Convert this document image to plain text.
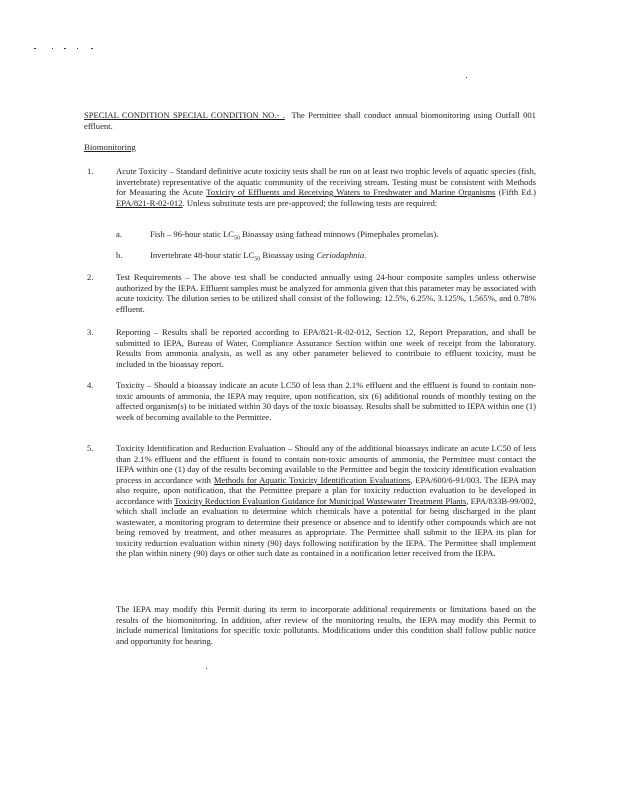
SPECIAL CONDITION SPECIAL CONDITION NO.- . The Permittee shall conduct annual biomonitoring using Outfall 001 effluent.

Biomonitoring

1.	Acute Toxicity – Standard definitive acute toxicity tests shall be run on at least two trophic levels of aquatic species (fish, invertebrate) representative of the aquatic community of the receiving stream. Testing must be consistent with Methods for Measuring the Acute Toxicity of Effluents and Receiving Waters to Freshwater and Marine Organisms (Fifth Ed.) EPA/821-R-02-012. Unless substitute tests are pre-approved; the following tests are required:

a.	Fish – 96-hour static $LC_{50}$ Bioassay using fathead minnows (Pimephales promelas).

b.	Invertebrate 48-hour static $LC_{50}$ Bioassay using Ceriodaphnia.

2.	Test Requirements – The above test shall be conducted annually using 24-hour composite samples unless otherwise authorized by the IEPA. Effluent samples must be analyzed for ammonia given that this parameter may be associated with acute toxicity. The dilution series to be utilized shall consist of the following: 12.5%, 6.25%, 3.125%, 1.565%, and 0.78% effluent.

3.	Reporting – Results shall be reported according to EPA/821-R-02-012, Section 12, Report Preparation, and shall be submitted to IEPA, Bureau of Water, Compliance Assurance Section within one week of receipt from the laboratory. Results from ammonia analysis, as well as any other parameter believed to contribute to effluent toxicity, must be included in the bioassay report.

4.	Toxicity – Should a bioassay indicate an acute LC50 of less than 2.1% effluent and the effluent is found to contain non-toxic amounts of ammonia, the IEPA may require, upon notification, six (6) additional rounds of monthly testing on the affected organism(s) to be initiated within 30 days of the toxic bioassay. Results shall be submitted to IEPA within one (1) week of becoming available to the Permittee.

5.	Toxicity Identification and Reduction Evaluation – Should any of the additional bioassays indicate an acute LC50 of less than 2.1% effluent and the effluent is found to contain non-toxic amounts of ammonia, the Permittee must contact the IEPA within one (1) day of the results becoming available to the Permittee and begin the toxicity identification evaluation process in accordance with Methods for Aquatic Toxicity Identification Evaluations, EPA/600/6-91/003. The IEPA may also require, upon notification, that the Permittee prepare a plan for toxicity reduction evaluation to be developed in accordance with Toxicity Reduction Evaluation Guidance for Municipal Wastewater Treatment Plants, EPA/833B-99/002, which shall include an evaluation to determine which chemicals have a potential for being discharged in the plant wastewater, a monitoring program to determine their presence or absence and to identify other compounds which are not being removed by treatment, and other measures as appropriate. The Permittee shall submit to the IEPA its plan for toxicity reduction evaluation within ninety (90) days following notification by the IEPA. The Permittee shall implement the plan within ninety (90) days or other such date as contained in a notification letter received from the IEPA.

The IEPA may modify this Permit during its term to incorporate additional requirements or limitations based on the results of the biomonitoring. In addition, after review of the monitoring results, the IEPA may modify this Permit to include numerical limitations for specific toxic pollutants. Modifications under this condition shall follow public notice and opportunity for hearing.
